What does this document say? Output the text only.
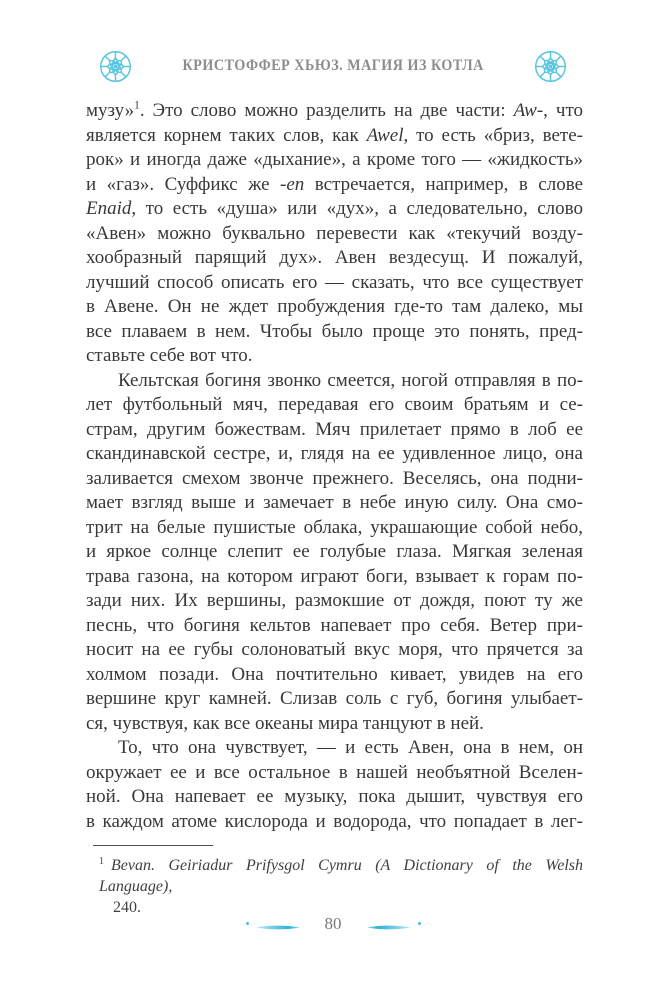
КРИСТОФФЕР ХЬЮЗ. МАГИЯ ИЗ КОТЛА
музу»$^1$. Это слово можно разделить на две части: Aw-, что
является корнем таких слов, как Awel, то есть «бриз, вете-
рок» и иногда даже «дыхание», а кроме того — «жидкость»
и «газ». Суффикс же -en встречается, например, в слове
Enaid, то есть «душа» или «дух», а следовательно, слово
«Авен» можно буквально перевести как «текучий возду-
хообразный парящий дух». Авен вездесущ. И пожалуй,
лучший способ описать его — сказать, что все существует
в Авене. Он не ждет пробуждения где-то там далеко, мы
все плаваем в нем. Чтобы было проще это понять, пред-
ставьте себе вот что.
Кельтская богиня звонко смеется, ногой отправляя в по-
лет футбольный мяч, передавая его своим братьям и се-
страм, другим божествам. Мяч прилетает прямо в лоб ее
скандинавской сестре, и, глядя на ее удивленное лицо, она
заливается смехом звонче прежнего. Веселясь, она подни-
мает взгляд выше и замечает в небе иную силу. Она смо-
трит на белые пушистые облака, украшающие собой небо,
и яркое солнце слепит ее голубые глаза. Мягкая зеленая
трава газона, на котором играют боги, взывает к горам по-
зади них. Их вершины, размокшие от дождя, поют ту же
песнь, что богиня кельтов напевает про себя. Ветер при-
носит на ее губы солоноватый вкус моря, что прячется за
холмом позади. Она почтительно кивает, увидев на его
вершине круг камней. Слизав соль с губ, богиня улыбает-
ся, чувствуя, как все океаны мира танцуют в ней.
То, что она чувствует, — и есть Авен, она в нем, он
окружает ее и все остальное в нашей необъятной Вселен-
ной. Она напевает ее музыку, пока дышит, чувствуя его
в каждом атоме кислорода и водорода, что попадает в лег-
$^1$ Bevan. Geiriadur Prifysgol Cymru (A Dictionary of the Welsh Language),
240.
80
